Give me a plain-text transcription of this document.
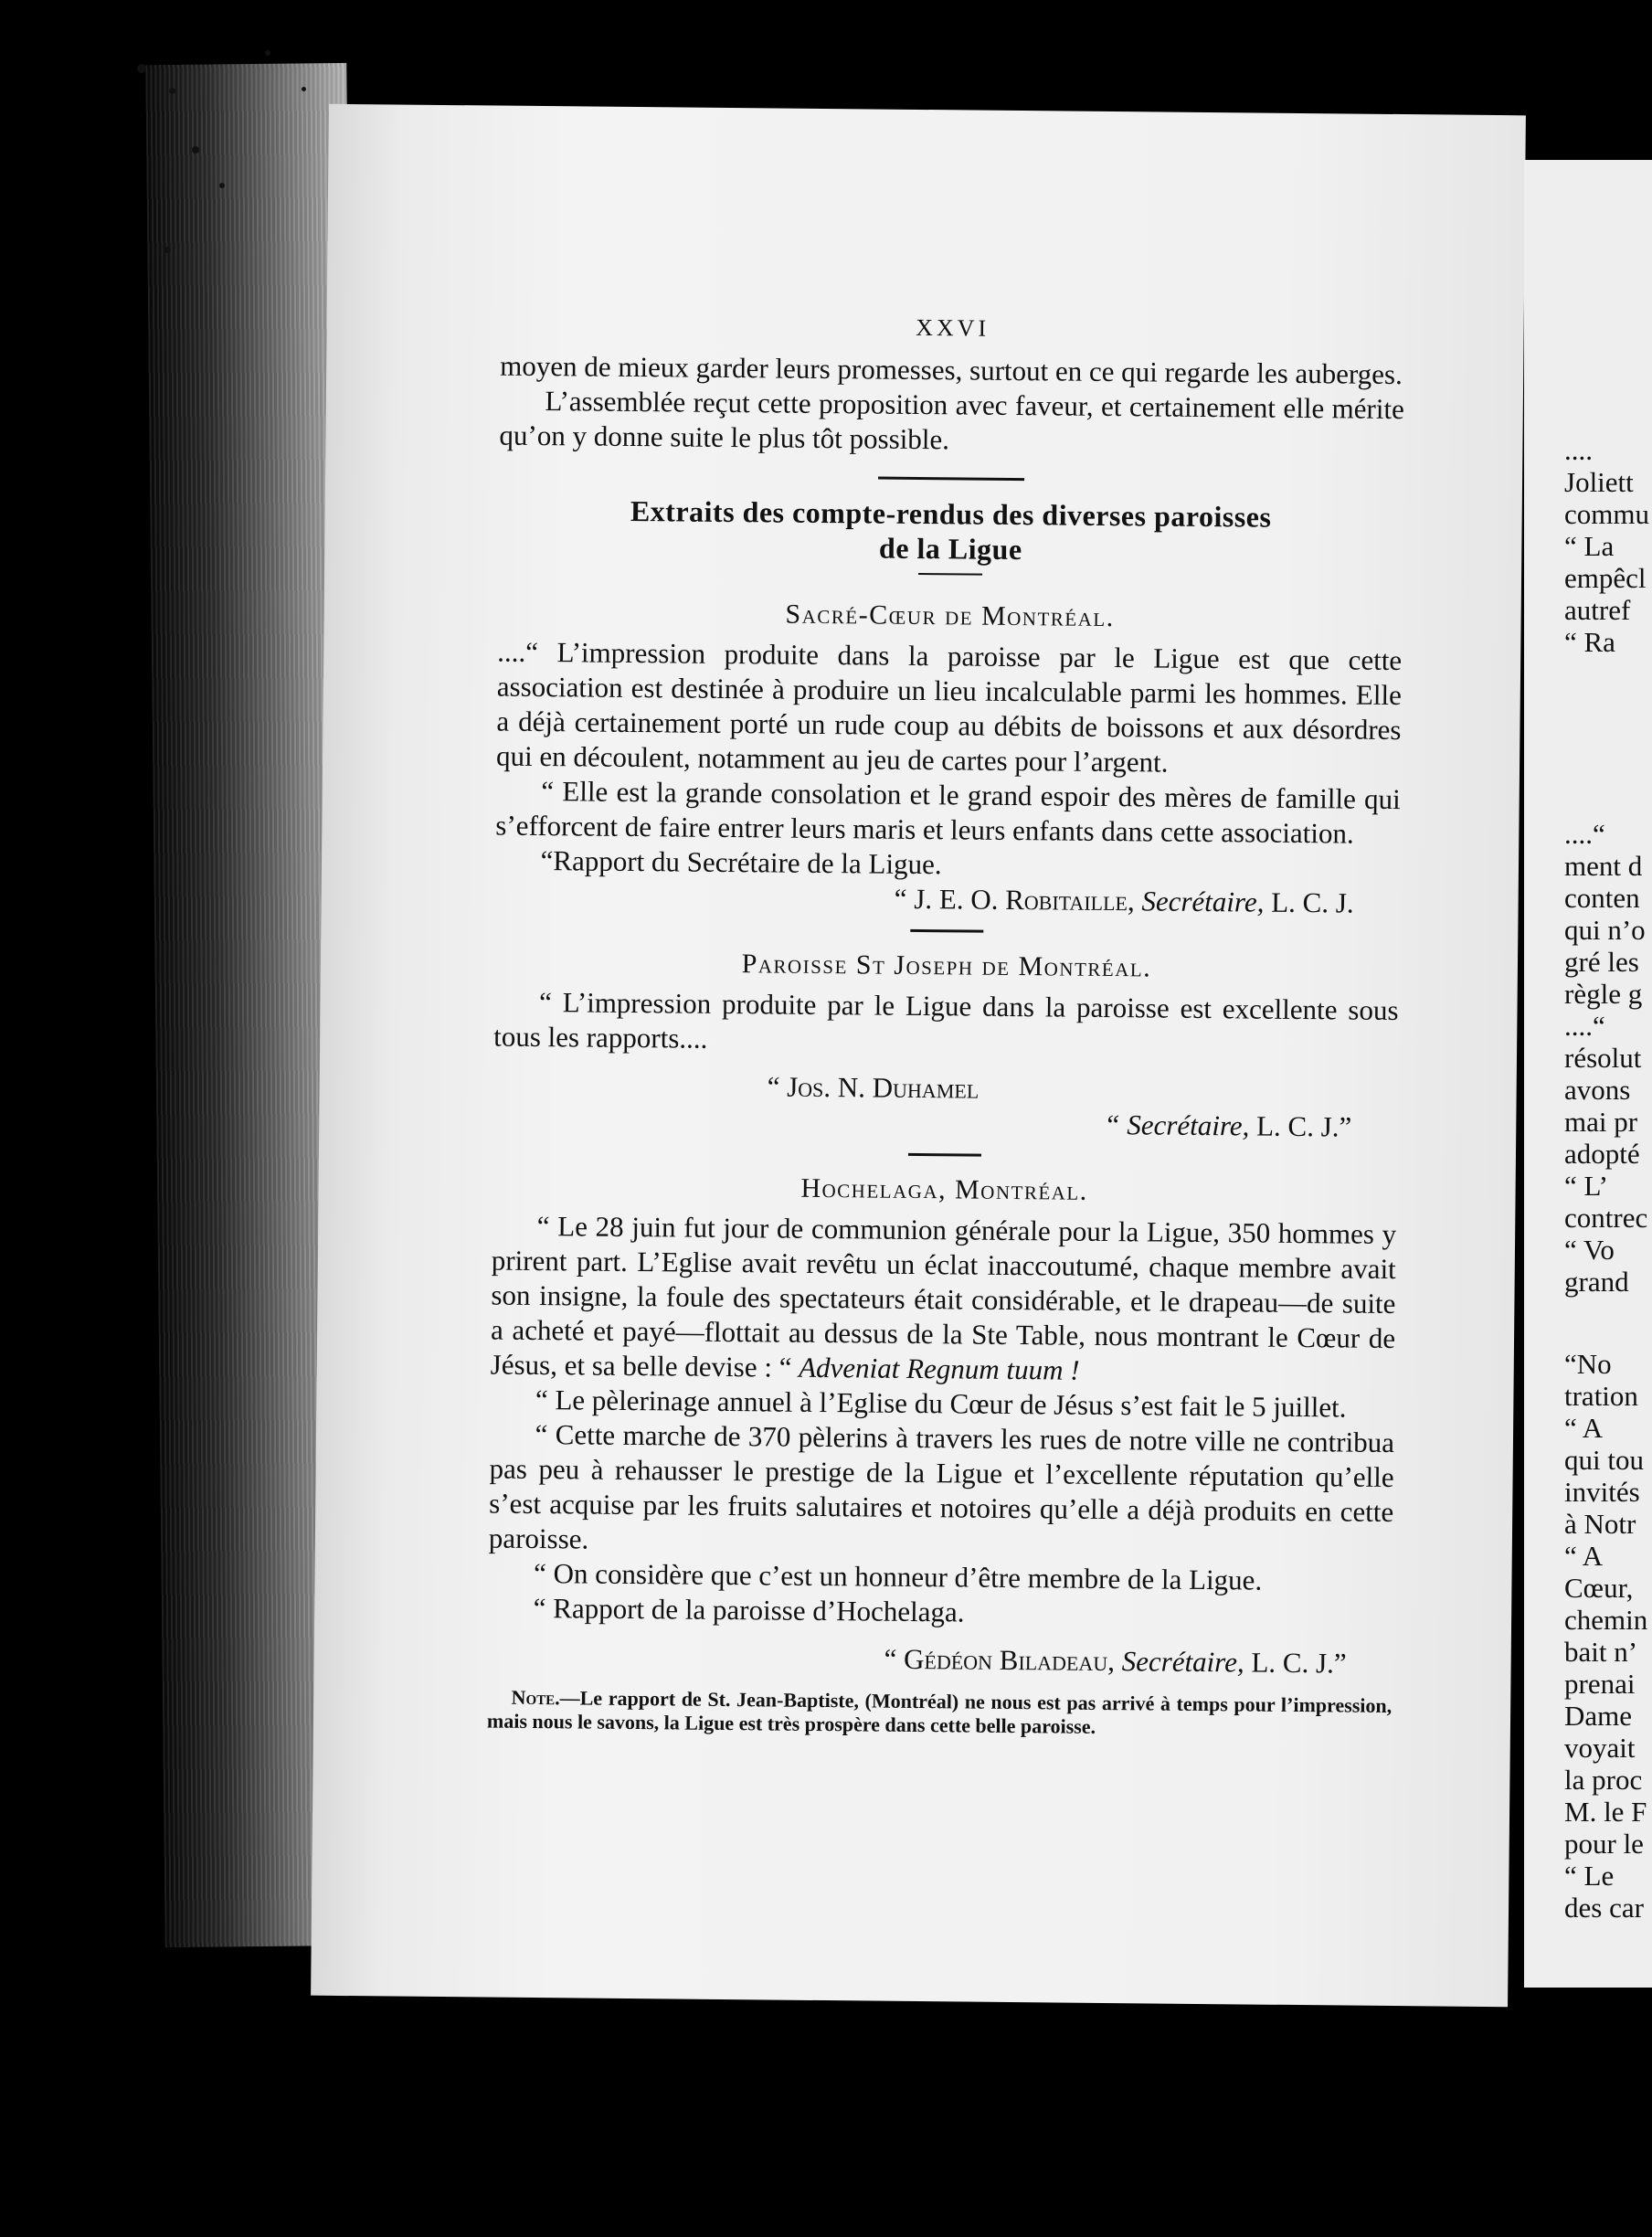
XXVI

moyen de mieux garder leurs promesses, surtout en ce qui regarde les auberges.

L’assemblée reçut cette proposition avec faveur, et certainement elle mérite qu’on y donne suite le plus tôt possible.

Extraits des compte-rendus des diverses paroisses
de la Ligue
Sacré-Cœur de Montréal.

....“ L’impression produite dans la paroisse par le Ligue est que cette association est destinée à produire un lieu incalculable parmi les hommes. Elle a déjà certainement porté un rude coup au débits de boissons et aux désordres qui en découlent, notamment au jeu de cartes pour l’argent.

“ Elle est la grande consolation et le grand espoir des mères de famille qui s’efforcent de faire entrer leurs maris et leurs enfants dans cette association.

“Rapport du Secrétaire de la Ligue.

“ J. E. O. Robitaille, Secrétaire, L. C. J.
Paroisse St Joseph de Montréal.

“ L’impression produite par le Ligue dans la paroisse est excellente sous tous les rapports....

“ Jos. N. Duhamel
“ Secrétaire, L. C. J.”
Hochelaga, Montréal.

“ Le 28 juin fut jour de communion générale pour la Ligue, 350 hommes y prirent part. L’Eglise avait revêtu un éclat inaccoutumé, chaque membre avait son insigne, la foule des spectateurs était considérable, et le drapeau—de suite a acheté et payé—flottait au dessus de la Ste Table, nous montrant le Cœur de Jésus, et sa belle devise : “ Adveniat Regnum tuum !

“ Le pèlerinage annuel à l’Eglise du Cœur de Jésus s’est fait le 5 juillet.

“ Cette marche de 370 pèlerins à travers les rues de notre ville ne contribua pas peu à rehausser le prestige de la Ligue et l’excellente réputation qu’elle s’est acquise par les fruits salutaires et notoires qu’elle a déjà produits en cette paroisse.

“ On considère que c’est un honneur d’être membre de la Ligue.

“ Rapport de la paroisse d’Hochelaga.

“ Gédéon Biladeau, Secrétaire, L. C. J.”

Note.—Le rapport de St. Jean-Baptiste, (Montréal) ne nous est pas arrivé à temps pour l’impression, mais nous le savons, la Ligue est très prospère dans cette belle paroisse.

....
Joliett
commu
“ La
empêcl
autref
“ Ra
....“
ment d
conten
qui n’o
gré les
règle g
....“
résolut
avons
mai pr
adopté
“ L’
contrec
“ Vo
grand
“No
tration
“ A
qui tou
invités
à Notr
“ A
Cœur,
chemin
bait n’
prenai
Dame
voyait
la proc
M. le F
pour le
“ Le
des car
